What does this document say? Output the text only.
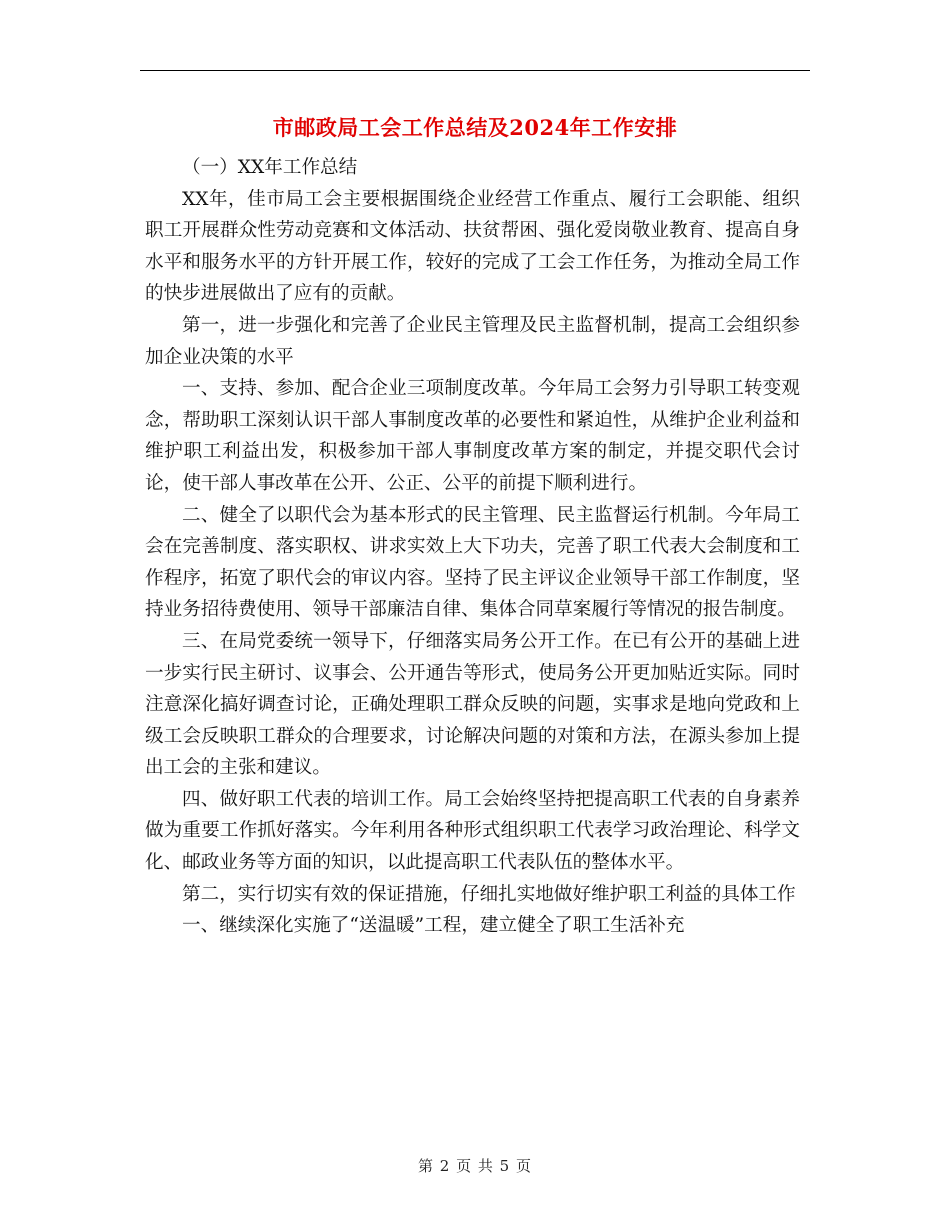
市邮政局工会工作总结及2024年工作安排

（一）XX年工作总结

XX年，佳市局工会主要根据围绕企业经营工作重点、履行工会职能、组织职工开展群众性劳动竞赛和文体活动、扶贫帮困、强化爱岗敬业教育、提高自身水平和服务水平的方针开展工作，较好的完成了工会工作任务，为推动全局工作的快步进展做出了应有的贡献。

第一，进一步强化和完善了企业民主管理及民主监督机制，提高工会组织参加企业决策的水平

一、支持、参加、配合企业三项制度改革。今年局工会努力引导职工转变观念，帮助职工深刻认识干部人事制度改革的必要性和紧迫性，从维护企业利益和维护职工利益出发，积极参加干部人事制度改革方案的制定，并提交职代会讨论，使干部人事改革在公开、公正、公平的前提下顺利进行。

二、健全了以职代会为基本形式的民主管理、民主监督运行机制。今年局工会在完善制度、落实职权、讲求实效上大下功夫，完善了职工代表大会制度和工作程序，拓宽了职代会的审议内容。坚持了民主评议企业领导干部工作制度，坚持业务招待费使用、领导干部廉洁自律、集体合同草案履行等情况的报告制度。

三、在局党委统一领导下，仔细落实局务公开工作。在已有公开的基础上进一步实行民主研讨、议事会、公开通告等形式，使局务公开更加贴近实际。同时注意深化搞好调查讨论，正确处理职工群众反映的问题，实事求是地向党政和上级工会反映职工群众的合理要求，讨论解决问题的对策和方法，在源头参加上提出工会的主张和建议。

四、做好职工代表的培训工作。局工会始终坚持把提高职工代表的自身素养做为重要工作抓好落实。今年利用各种形式组织职工代表学习政治理论、科学文化、邮政业务等方面的知识，以此提高职工代表队伍的整体水平。

第二，实行切实有效的保证措施，仔细扎实地做好维护职工利益的具体工作

一、继续深化实施了“送温暖”工程，建立健全了职工生活补充

第 2 页 共 5 页
